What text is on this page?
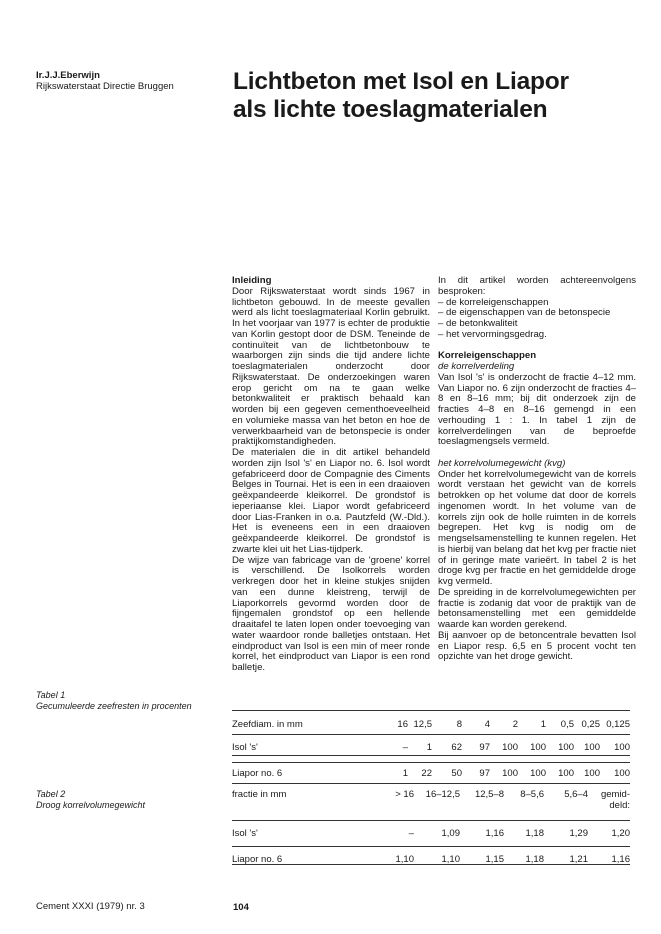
Ir.J.J.Eberwijn
Rijkswaterstaat Directie Bruggen Lichtbeton met Isol en Liapor
als lichte toeslagmaterialen

Inleiding

Door Rijkswaterstaat wordt sinds 1967 in lichtbeton gebouwd. In de meeste gevallen werd als licht toeslagmateriaal Korlin gebruikt. In het voorjaar van 1977 is echter de produktie van Korlin gestopt door de DSM. Teneinde de continuïteit van de lichtbetonbouw te waarborgen zijn sinds die tijd andere lichte toeslagmaterialen onderzocht door Rijkswaterstaat. De onderzoekingen waren erop gericht om na te gaan welke betonkwaliteit er praktisch behaald kan worden bij een gegeven cementhoeveelheid en volumieke massa van het beton en hoe de verwerkbaarheid van de betonspecie is onder praktijkomstandigheden.

De materialen die in dit artikel behandeld worden zijn Isol 's' en Liapor no. 6. Isol wordt gefabriceerd door de Compagnie des Ciments Belges in Tournai. Het is een in een draaioven geëxpandeerde kleikorrel. De grondstof is ieperiaanse klei. Liapor wordt gefabriceerd door Lias-Franken in o.a. Pautzfeld (W.-Dld.). Het is eveneens een in een draaioven geëxpandeerde kleikorrel. De grondstof is zwarte klei uit het Lias-tijdperk.

De wijze van fabricage van de 'groene' korrel is verschillend. De Isolkorrels worden verkregen door het in kleine stukjes snijden van een dunne kleistreng, terwijl de Liaporkorrels gevormd worden door de fijngemalen grondstof op een hellende draaitafel te laten lopen onder toevoeging van water waardoor ronde balletjes ontstaan. Het eindproduct van Isol is een min of meer ronde korrel, het eindproduct van Liapor is een rond balletje.

In dit artikel worden achtereenvolgens besproken:

– de korreleigenschappen
– de eigenschappen van de betonspecie
– de betonkwaliteit
– het vervormingsgedrag.

Korreleigenschappen

de korrelverdeling

Van Isol 's' is onderzocht de fractie 4–12 mm. Van Liapor no. 6 zijn onderzocht de fracties 4–8 en 8–16 mm; bij dit onderzoek zijn de fracties 4–8 en 8–16 gemengd in een verhouding 1 : 1. In tabel 1 zijn de korrelverdelingen van de beproefde toeslagmengsels vermeld.

het korrelvolumegewicht (kvg)

Onder het korrelvolumegewicht van de korrels wordt verstaan het gewicht van de korrels betrokken op het volume dat door de korrels ingenomen wordt. In het volume van de korrels zijn ook de holle ruimten in de korrels begrepen. Het kvg is nodig om de mengselsamenstelling te kunnen regelen. Het is hierbij van belang dat het kvg per fractie niet of in geringe mate varieërt. In tabel 2 is het droge kvg per fractie en het gemiddelde droge kvg vermeld.

De spreiding in de korrelvolumegewichten per fractie is zodanig dat voor de praktijk van de betonsamenstelling met een gemiddelde waarde kan worden gerekend.

Bij aanvoer op de betoncentrale bevatten Isol en Liapor resp. 6,5 en 5 procent vocht ten opzichte van het droge gewicht.

Tabel 1
Gecumuleerde zeefresten in procenten
Zeefdiam. in mm	16	12,5	8	4	2	1	0,5	0,25	0,125

Isol 's'	–	1	62	97	100	100	100	100	100

Liapor no. 6	1	22	50	97	100	100	100	100	100
Tabel 2
Droog korrelvolumegewicht
fractie in mm	> 16	16–12,5	12,5–8	8–5,6	5,6–4	gemid-
deld:

Isol 's'	–	1,09	1,16	1,18	1,29	1,20

Liapor no. 6	1,10	1,10	1,15	1,18	1,21	1,16
Cement XXXI (1979) nr. 3	104
